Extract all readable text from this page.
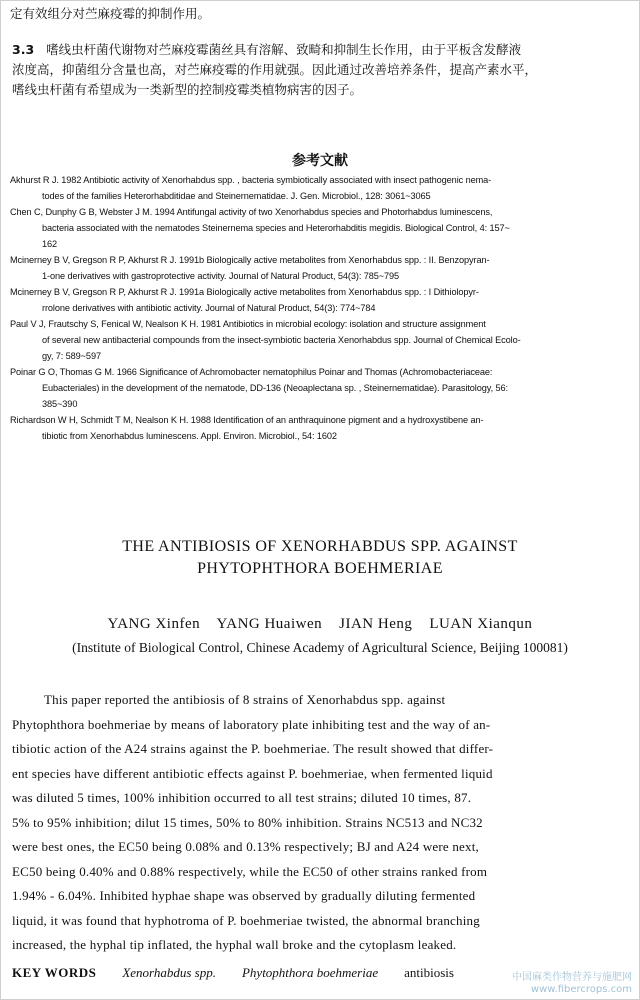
定有效组分对苎麻疫霉的抑制作用。
3.3 嗜线虫杆菌代谢物对苎麻疫霉菌丝具有溶解、致畸和抑制生长作用，由于平板含发酵液
浓度高，抑菌组分含量也高，对苎麻疫霉的作用就强。因此通过改善培养条件，提高产素水平，
嗜线虫杆菌有希望成为一类新型的控制疫霉类植物病害的因子。
参考文献
Akhurst R J. 1982 Antibiotic activity of Xenorhabdus spp. , bacteria symbiotically associated with insect pathogenic nema-
todes of the families Heterorhabditidae and Steinernematidae. J. Gen. Microbiol., 128: 3061~3065
Chen C, Dunphy G B, Webster J M. 1994 Antifungal activity of two Xenorhabdus species and Photorhabdus luminescens,
bacteria associated with the nematodes Steinernema species and Heterorhabditis megidis. Biological Control, 4: 157~
162
Mcinerney B V, Gregson R P, Akhurst R J. 1991b Biologically active metabolites from Xenorhabdus spp. : II. Benzopyran-
1-one derivatives with gastroprotective activity. Journal of Natural Product, 54(3): 785~795
Mcinerney B V, Gregson R P, Akhurst R J. 1991a Biologically active metabolites from Xenorhabdus spp. : I Dithiolopyr-
rrolone derivatives with antibiotic activity. Journal of Natural Product, 54(3): 774~784
Paul V J, Frautschy S, Fenical W, Nealson K H. 1981 Antibiotics in microbial ecology: isolation and structure assignment
of several new antibacterial compounds from the insect-symbiotic bacteria Xenorhabdus spp. Journal of Chemical Ecolo-
gy, 7: 589~597
Poinar G O, Thomas G M. 1966 Significance of Achromobacter nematophilus Poinar and Thomas (Achromobacteriaceae:
Eubacteriales) in the development of the nematode, DD-136 (Neoaplectana sp. , Steinernematidae). Parasitology, 56:
385~390
Richardson W H, Schmidt T M, Nealson K H. 1988 Identification of an anthraquinone pigment and a hydroxystibene an-
tibiotic from Xenorhabdus luminescens. Appl. Environ. Microbiol., 54: 1602
THE ANTIBIOSIS OF XENORHABDUS SPP. AGAINST
PHYTOPHTHORA BOEHMERIAE
YANG Xinfen    YANG Huaiwen    JIAN Heng    LUAN Xianqun
(Institute of Biological Control, Chinese Academy of Agricultural Science, Beijing 100081)
This paper reported the antibiosis of 8 strains of Xenorhabdus spp. against
Phytophthora boehmeriae by means of laboratory plate inhibiting test and the way of an-
tibiotic action of the A24 strains against the P. boehmeriae. The result showed that differ-
ent species have different antibiotic effects against P. boehmeriae, when fermented liquid
was diluted 5 times, 100% inhibition occurred to all test strains; diluted 10 times, 87.
5% to 95% inhibition; dilut 15 times, 50% to 80% inhibition. Strains NC513 and NC32
were best ones, the EC50 being 0.08% and 0.13% respectively; BJ and A24 were next,
EC50 being 0.40% and 0.88% respectively, while the EC50 of other strains ranked from
1.94% - 6.04%. Inhibited hyphae shape was observed by gradually diluting fermented
liquid, it was found that hyphotroma of P. boehmeriae twisted, the abnormal branching
increased, the hyphal tip inflated, the hyphal wall broke and the cytoplasm leaked.
KEY WORDS Xenorhabdus spp. Phytophthora boehmeriae antibiosis	中国麻类作物营养与施肥网
www.fibercrops.com
